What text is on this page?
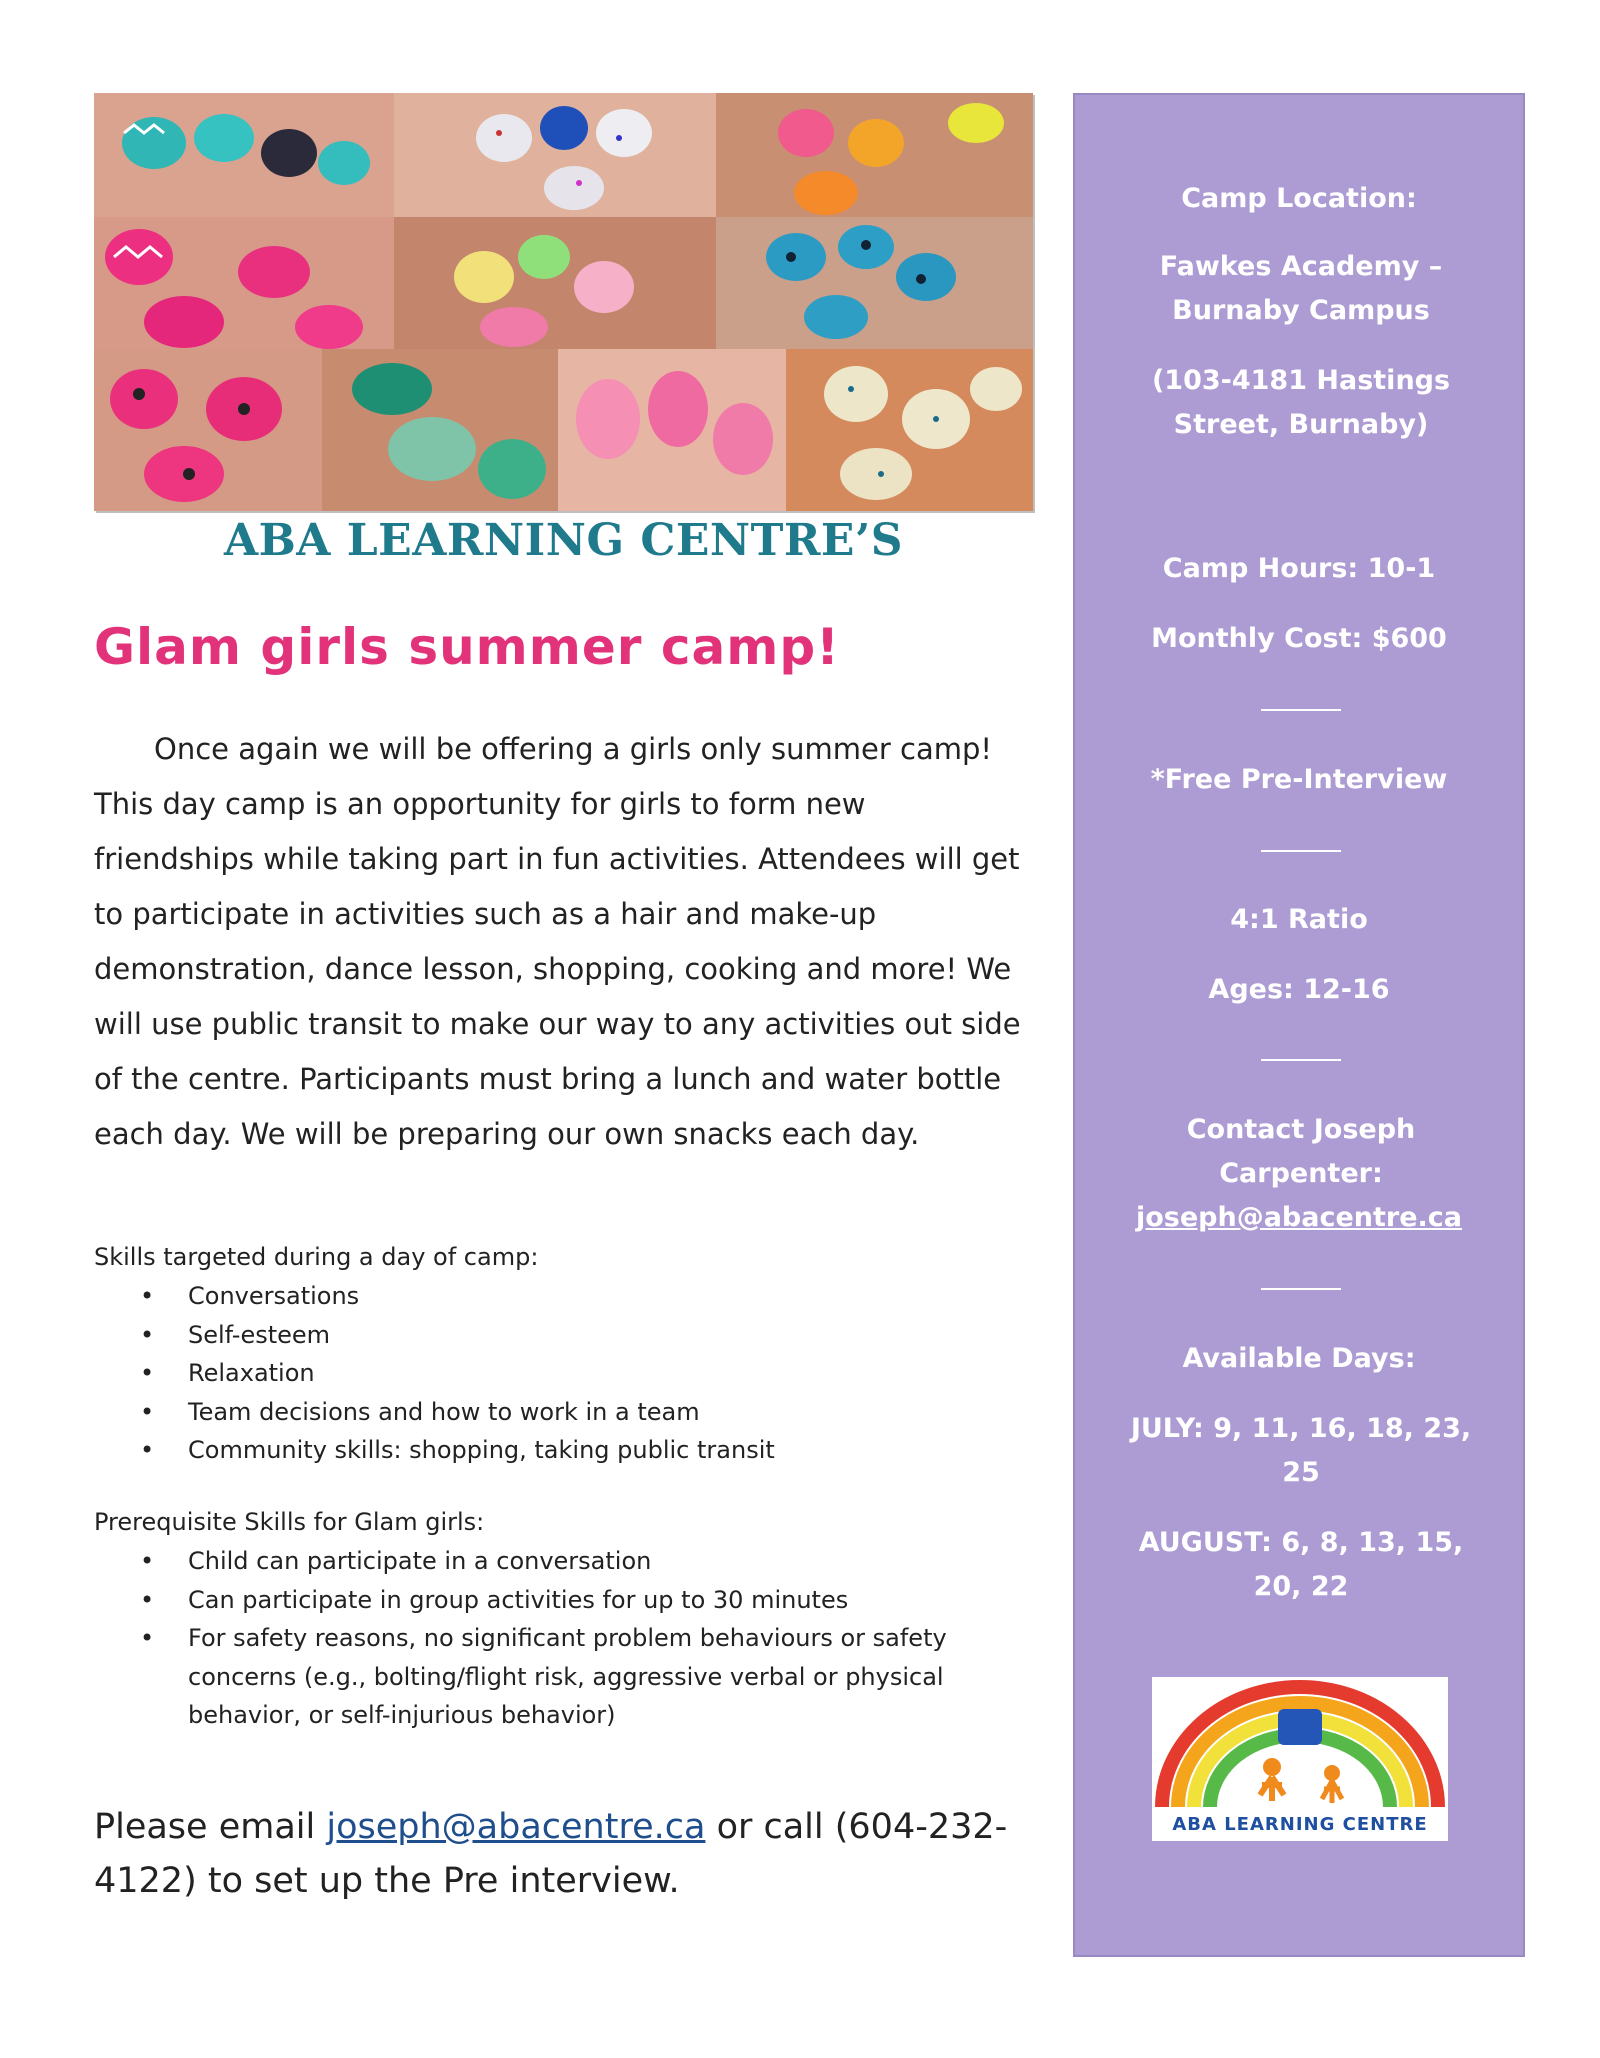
ABA LEARNING CENTRE’S
Glam girls summer camp!

Once again we will be offering a girls only summer camp! This day camp is an opportunity for girls to form new friendships while taking part in fun activities. Attendees will get to participate in activities such as a hair and make-up demonstration, dance lesson, shopping, cooking and more! We will use public transit to make our way to any activities out side of the centre. Participants must bring a lunch and water bottle each day. We will be preparing our own snacks each day.

Skills targeted during a day of camp:
• Conversations
• Self-esteem
• Relaxation
• Team decisions and how to work in a team
• Community skills: shopping, taking public transit
Prerequisite Skills for Glam girls:
• Child can participate in a conversation
• Can participate in group activities for up to 30 minutes
• For safety reasons, no significant problem behaviours or safety concerns (e.g., bolting/flight risk, aggressive verbal or physical behavior, or self-injurious behavior)
Please email joseph@abacentre.ca or call (604-232-4122) to set up the Pre interview.
Camp Location:
Fawkes Academy – Burnaby Campus
(103-4181 Hastings Street, Burnaby)
Camp Hours: 10-1
Monthly Cost: $600
*Free Pre-Interview
4:1 Ratio
Ages: 12-16
Contact Joseph Carpenter:
joseph@abacentre.ca
Available Days:
JULY: 9, 11, 16, 18, 23, 25
AUGUST: 6, 8, 13, 15, 20, 22
ABA LEARNING CENTRE
